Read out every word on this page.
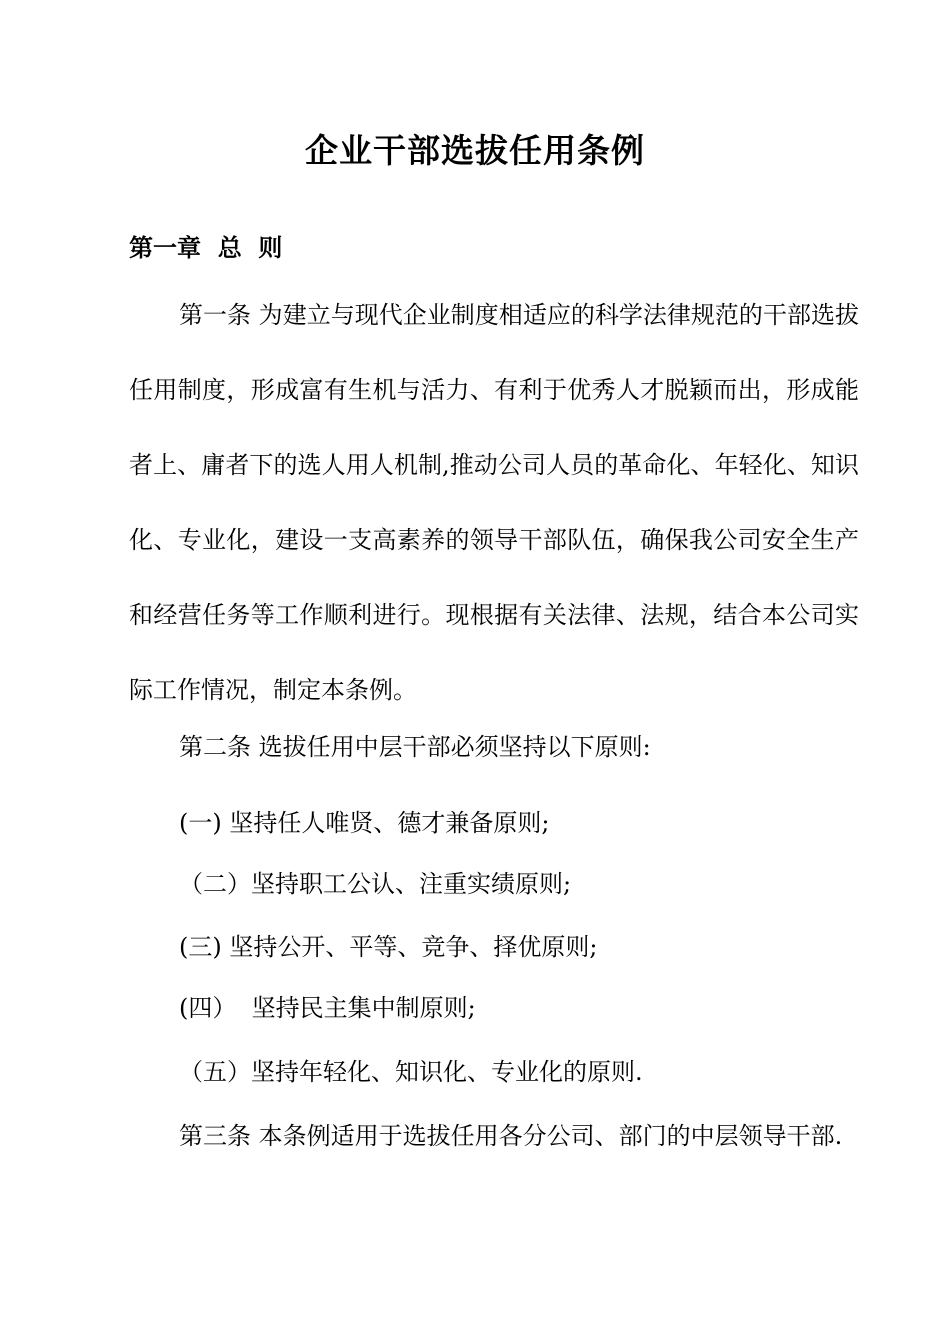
企业干部选拔任用条例
第一章  总  则

第一条 为建立与现代企业制度相适应的科学法律规范的干部选拔任用制度，形成富有生机与活力、有利于优秀人才脱颖而出，形成能者上、庸者下的选人用人机制,推动公司人员的革命化、年轻化、知识化、专业化，建设一支高素养的领导干部队伍，确保我公司安全生产和经营任务等工作顺利进行。现根据有关法律、法规，结合本公司实际工作情况，制定本条例。

第二条 选拔任用中层干部必须坚持以下原则:

(一) 坚持任人唯贤、德才兼备原则;

（二）坚持职工公认、注重实绩原则;

(三) 坚持公开、平等、竞争、择优原则;

(四）  坚持民主集中制原则;

（五）坚持年轻化、知识化、专业化的原则.

第三条 本条例适用于选拔任用各分公司、部门的中层领导干部.
